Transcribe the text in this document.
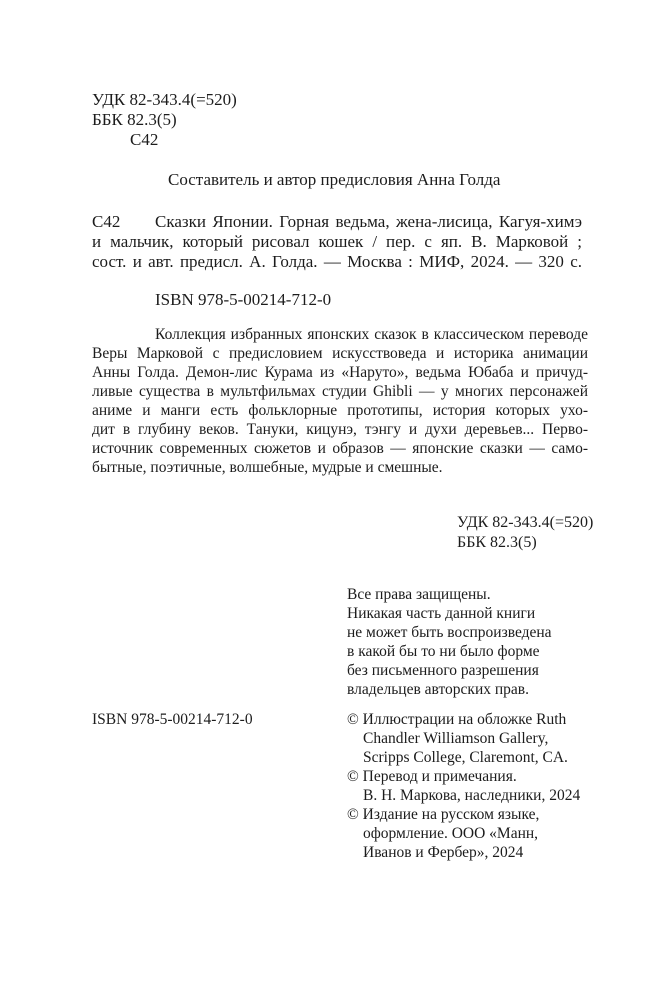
УДК 82-343.4(=520)
ББК 82.3(5)
С42
Составитель и автор предисловия Анна Голда
С42	Сказки Японии. Горная ведьма, жена-лисица, Кагуя-химэ
и мальчик, который рисовал кошек / пер. с яп. В. Марковой ;
сост. и авт. предисл. А. Голда. — Москва : МИФ, 2024. — 320 с.
ISBN 978-5-00214-712-0
Коллекция избранных японских сказок в классическом переводе
Веры Марковой с предисловием искусствоведа и историка анимации
Анны Голда. Демон-лис Курама из «Наруто», ведьма Юбаба и причуд-
ливые существа в мультфильмах студии Ghibli — у многих персонажей
аниме и манги есть фольклорные прототипы, история которых ухо-
дит в глубину веков. Тануки, кицунэ, тэнгу и духи деревьев... Перво-
источник современных сюжетов и образов — японские сказки — само-
бытные, поэтичные, волшебные, мудрые и смешные.
УДК 82-343.4(=520)
ББК 82.3(5)
Все права защищены.
Никакая часть данной книги
не может быть воспроизведена
в какой бы то ни было форме
без письменного разрешения
владельцев авторских прав.
ISBN 978-5-00214-712-0	© Иллюстрации на обложке Ruth
Chandler Williamson Gallery,
Scripps College, Claremont, CA.
© Перевод и примечания.
В. Н. Маркова, наследники, 2024
© Издание на русском языке,
оформление. ООО «Манн,
Иванов и Фербер», 2024
